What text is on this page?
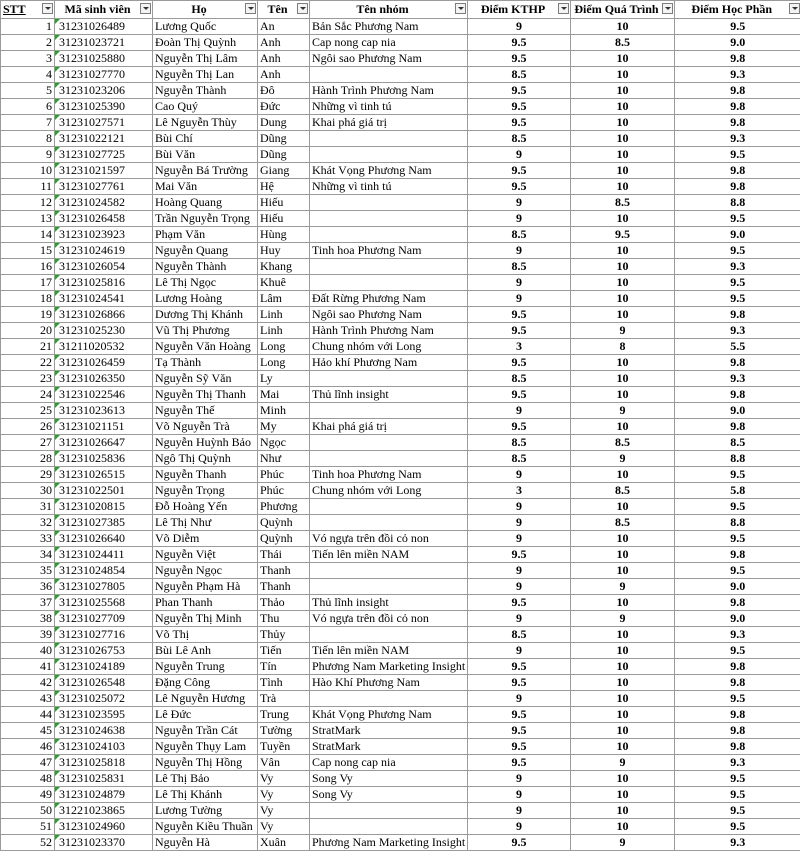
STT	Mã sinh viên	Họ	Tên	Tên nhóm	Điểm KTHP	Điểm Quá Trình	Điểm Học Phần

1	31231026489	Lương Quốc	An	Bản Sắc Phương Nam	9	10	9.5
2	31231023721	Đoàn Thị Quỳnh	Anh	Cap nong cap nia	9.5	8.5	9.0
3	31231025880	Nguyễn Thị Lâm	Anh	Ngôi sao Phương Nam	9.5	10	9.8
4	31231027770	Nguyễn Thị Lan	Anh		8.5	10	9.3
5	31231023206	Nguyễn Thành	Đô	Hành Trình Phương Nam	9.5	10	9.8
6	31231025390	Cao Quý	Đức	Những vì tinh tú	9.5	10	9.8
7	31231027571	Lê Nguyễn Thùy	Dung	Khai phá giá trị	9.5	10	9.8
8	31231022121	Bùi Chí	Dũng		8.5	10	9.3
9	31231027725	Bùi Văn	Dũng		9	10	9.5
10	31231021597	Nguyễn Bá Trường	Giang	Khát Vọng Phương Nam	9.5	10	9.8
11	31231027761	Mai Văn	Hệ	Những vì tinh tú	9.5	10	9.8
12	31231024582	Hoàng Quang	Hiếu		9	8.5	8.8
13	31231026458	Trần Nguyễn Trọng	Hiếu		9	10	9.5
14	31231023923	Phạm Văn	Hùng		8.5	9.5	9.0
15	31231024619	Nguyễn Quang	Huy	Tinh hoa Phương Nam	9	10	9.5
16	31231026054	Nguyễn Thành	Khang		8.5	10	9.3
17	31231025816	Lê Thị Ngọc	Khuê		9	10	9.5
18	31231024541	Lương Hoàng	Lâm	Đất Rừng Phương Nam	9	10	9.5
19	31231026866	Dương Thị Khánh	Linh	Ngôi sao Phương Nam	9.5	10	9.8
20	31231025230	Vũ Thị Phương	Linh	Hành Trình Phương Nam	9.5	9	9.3
21	31211020532	Nguyễn Văn Hoàng	Long	Chung nhóm với Long	3	8	5.5
22	31231026459	Tạ Thành	Long	Hảo khí Phương Nam	9.5	10	9.8
23	31231026350	Nguyễn Sỹ Văn	Ly		8.5	10	9.3
24	31231022546	Nguyễn Thị Thanh	Mai	Thủ lĩnh insight	9.5	10	9.8
25	31231023613	Nguyễn Thế	Minh		9	9	9.0
26	31231021151	Võ Nguyễn Trà	My	Khai phá giá trị	9.5	10	9.8
27	31231026647	Nguyễn Huỳnh Bảo	Ngọc		8.5	8.5	8.5
28	31231025836	Ngô Thị Quỳnh	Như		8.5	9	8.8
29	31231026515	Nguyễn Thanh	Phúc	Tinh hoa Phương Nam	9	10	9.5
30	31231022501	Nguyễn Trọng	Phúc	Chung nhóm với Long	3	8.5	5.8
31	31231020815	Đỗ Hoàng Yến	Phương		9	10	9.5
32	31231027385	Lê Thị Như	Quỳnh		9	8.5	8.8
33	31231026640	Võ Diễm	Quỳnh	Vó ngựa trên đồi cỏ non	9	10	9.5
34	31231024411	Nguyễn Việt	Thái	Tiến lên miền NAM	9.5	10	9.8
35	31231024854	Nguyễn Ngọc	Thanh		9	10	9.5
36	31231027805	Nguyễn Phạm Hà	Thanh		9	9	9.0
37	31231025568	Phan Thanh	Thảo	Thủ lĩnh insight	9.5	10	9.8
38	31231027709	Nguyễn Thị Minh	Thu	Vó ngựa trên đồi cỏ non	9	9	9.0
39	31231027716	Võ Thị	Thủy		8.5	10	9.3
40	31231026753	Bùi Lê Anh	Tiến	Tiến lên miền NAM	9	10	9.5
41	31231024189	Nguyễn Trung	Tín	Phương Nam Marketing Insight	9.5	10	9.8
42	31231026548	Đặng Công	Tình	Hào Khí Phương Nam	9.5	10	9.8
43	31231025072	Lê Nguyễn Hương	Trà		9	10	9.5
44	31231023595	Lê Đức	Trung	Khát Vọng Phương Nam	9.5	10	9.8
45	31231024638	Nguyễn Trần Cát	Tường	StratMark	9.5	10	9.8
46	31231024103	Nguyễn Thụy Lam	Tuyền	StratMark	9.5	10	9.8
47	31231025818	Nguyễn Thị Hồng	Vân	Cap nong cap nia	9.5	9	9.3
48	31231025831	Lê Thị Bảo	Vy	Song Vy	9	10	9.5
49	31231024879	Lê Thị Khánh	Vy	Song Vy	9	10	9.5
50	31221023865	Lương Tường	Vy		9	10	9.5
51	31231024960	Nguyễn Kiều Thuần	Vy		9	10	9.5
52	31231023370	Nguyễn Hà	Xuân	Phương Nam Marketing Insight	9.5	9	9.3
